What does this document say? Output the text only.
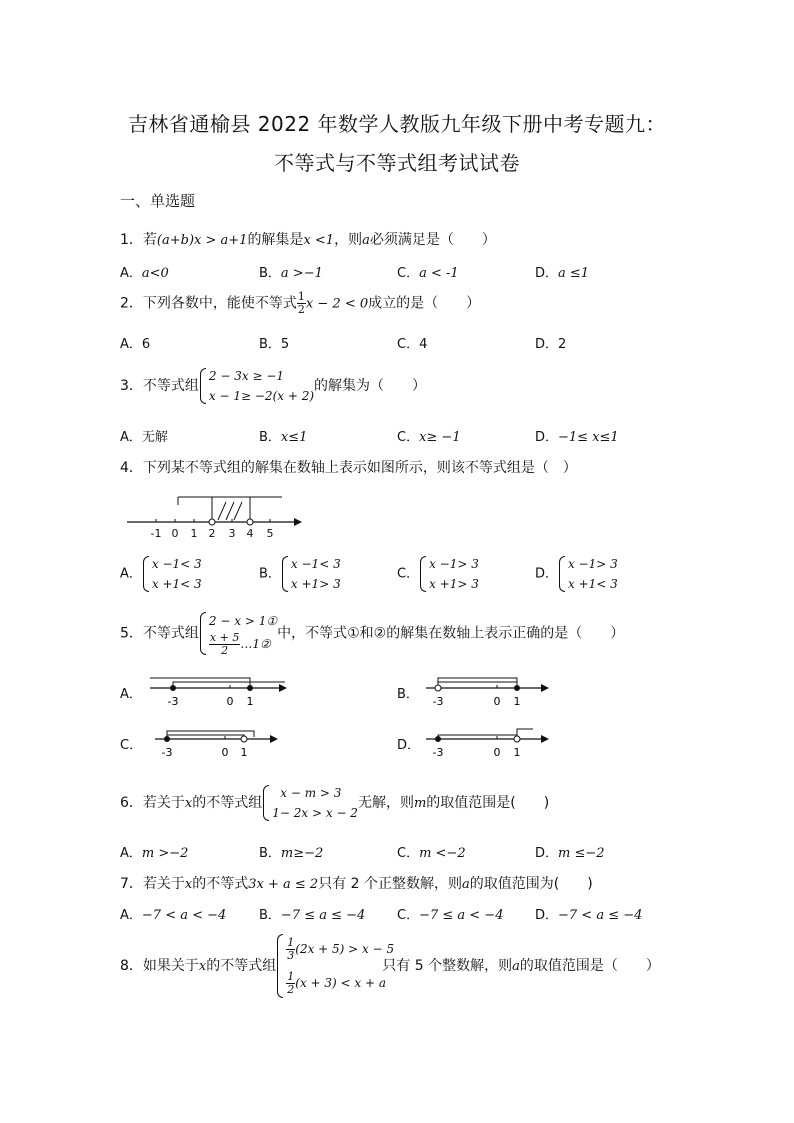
吉林省通榆县 2022 年数学人教版九年级下册中考专题九：
不等式与不等式组考试试卷
一、单选题
1．若(a+b)x > a+1的解集是x <1，则a必须满足是（　　）
A．a<0	B．a >−1	C．a < -1	D．a ≤1
2．下列各数中，能使不等式 $\frac{1}{2}$ x − 2 < 0成立的是（　　）
A．6	B．5	C．4	D．2
3．不等式组
2 − 3x ≥ −1
x − 1≥ −2(x + 2)
的解集为（　　）
A．无解	B．x≤1	C．x≥ −1	D．−1≤ x≤1
4．下列某不等式组的解集在数轴上表示如图所示，则该不等式组是（　）
-1 0 1 2 3 4 5
A．
x −1< 3
x +1< 3
B．
x −1< 3
x +1> 3
C．
x −1> 3
x +1> 3
D．
x −1> 3
x +1< 3
5．不等式组
2 − x > 1①
$\frac{x + 5}{2}$ …1②
中，不等式①和②的解集在数轴上表示正确的是（　　）
A． -3	0 1	B． -3	0 1
C． -3	0 1	D． -3	0 1
6．若关于x的不等式组
x − m > 3
1− 2x > x − 2
无解，则m的取值范围是(　　)
A．m >−2	B．m≥−2	C．m <−2	D．m ≤−2
7．若关于x的不等式3x + a ≤ 2只有 2 个正整数解，则a的取值范围为(　　)
A．−7 < a < −4	B．−7 ≤ a ≤ −4 C．−7 ≤ a < −4 D．−7 < a ≤ −4
8．如果关于x的不等式组
$\frac{1}{3} (2x + 5) > x - 5$
$\frac{1}{2} (x + 3) < x + a$
只有 5 个整数解，则a的取值范围是（　　）
